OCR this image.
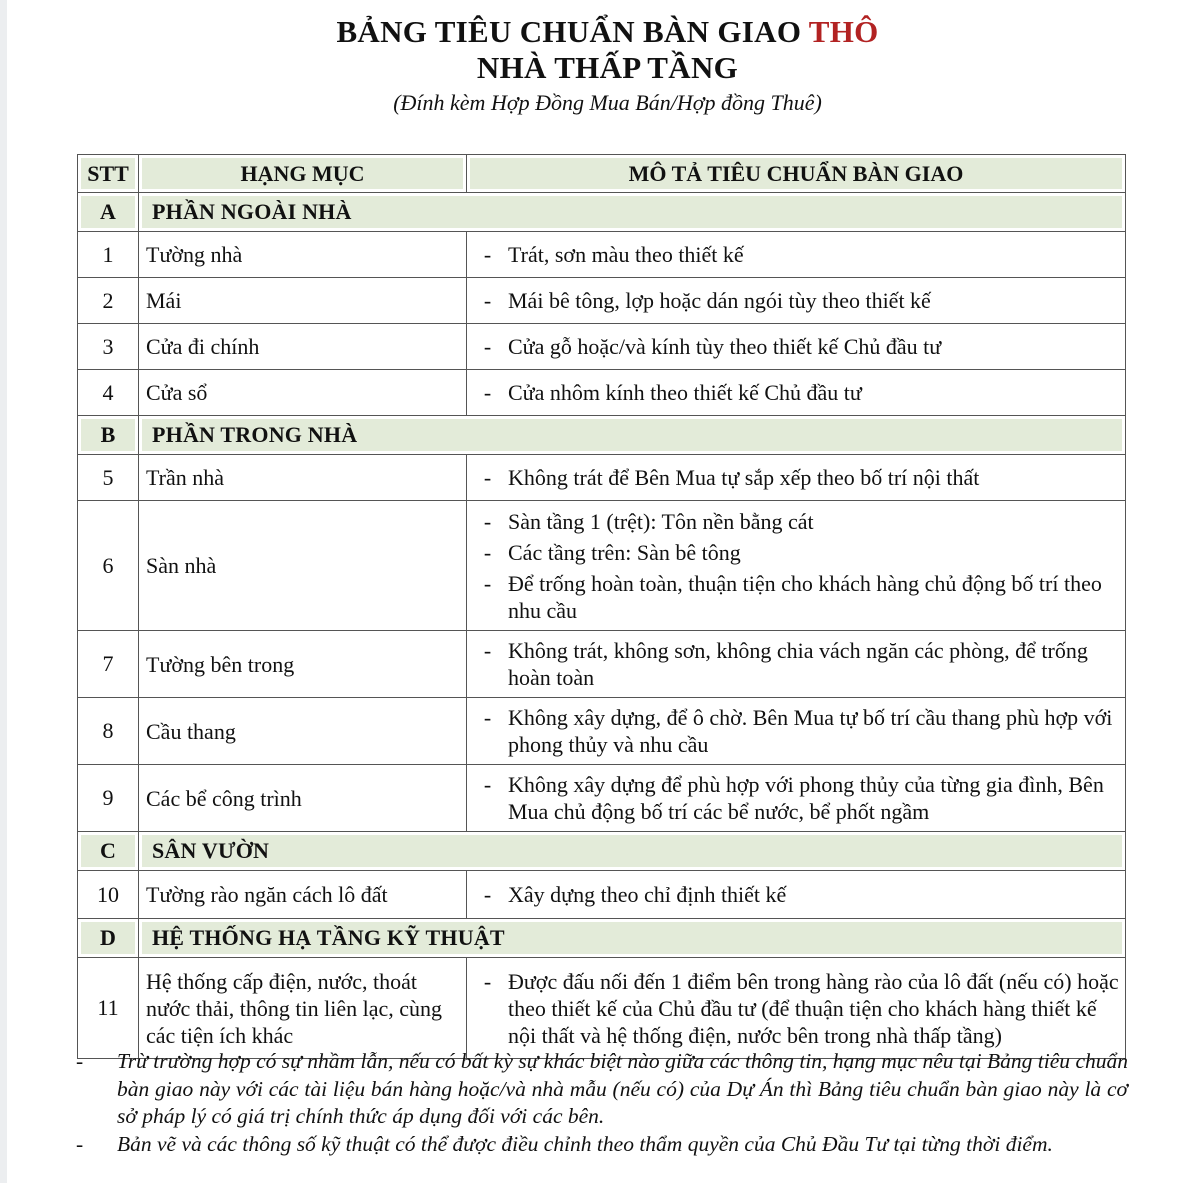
BẢNG TIÊU CHUẨN BÀN GIAO THÔ
NHÀ THẤP TẦNG
(Đính kèm Hợp Đồng Mua Bán/Hợp đồng Thuê)
STT	HẠNG MỤC	MÔ TẢ TIÊU CHUẨN BÀN GIAO
A	PHẦN NGOÀI NHÀ	
1	Tường nhà	- Trát, sơn màu theo thiết kế

2	Mái	- Mái bê tông, lợp hoặc dán ngói tùy theo thiết kế

3	Cửa đi chính	- Cửa gỗ hoặc/và kính tùy theo thiết kế Chủ đầu tư

4	Cửa sổ	- Cửa nhôm kính theo thiết kế Chủ đầu tư

B	PHẦN TRONG NHÀ	
5	Trần nhà	- Không trát để Bên Mua tự sắp xếp theo bố trí nội thất

6	Sàn nhà	
- Sàn tầng 1 (trệt): Tôn nền bằng cát
- Các tầng trên: Sàn bê tông
- Để trống hoàn toàn, thuận tiện cho khách hàng chủ động bố trí theo nhu cầu

7	Tường bên trong	- Không trát, không sơn, không chia vách ngăn các phòng, để trống hoàn toàn

8	Cầu thang	- Không xây dựng, để ô chờ. Bên Mua tự bố trí cầu thang phù hợp với phong thủy và nhu cầu

9	Các bể công trình	- Không xây dựng để phù hợp với phong thủy của từng gia đình, Bên Mua chủ động bố trí các bể nước, bể phốt ngầm

C	SÂN VƯỜN	
10	Tường rào ngăn cách lô đất	- Xây dựng theo chỉ định thiết kế

D	HỆ THỐNG HẠ TẦNG KỸ THUẬT	
11	Hệ thống cấp điện, nước, thoát nước thải, thông tin liên lạc, cùng các tiện ích khác	- Được đấu nối đến 1 điểm bên trong hàng rào của lô đất (nếu có) hoặc theo thiết kế của Chủ đầu tư (để thuận tiện cho khách hàng thiết kế nội thất và hệ thống điện, nước bên trong nhà thấp tầng)
-	Trừ trường hợp có sự nhầm lẫn, nếu có bất kỳ sự khác biệt nào giữa các thông tin, hạng mục nêu tại Bảng tiêu chuẩn bàn giao này với các tài liệu bán hàng hoặc/và nhà mẫu (nếu có) của Dự Án thì Bảng tiêu chuẩn bàn giao này là cơ sở pháp lý có giá trị chính thức áp dụng đối với các bên.
-	Bản vẽ và các thông số kỹ thuật có thể được điều chỉnh theo thẩm quyền của Chủ Đầu Tư tại từng thời điểm.
